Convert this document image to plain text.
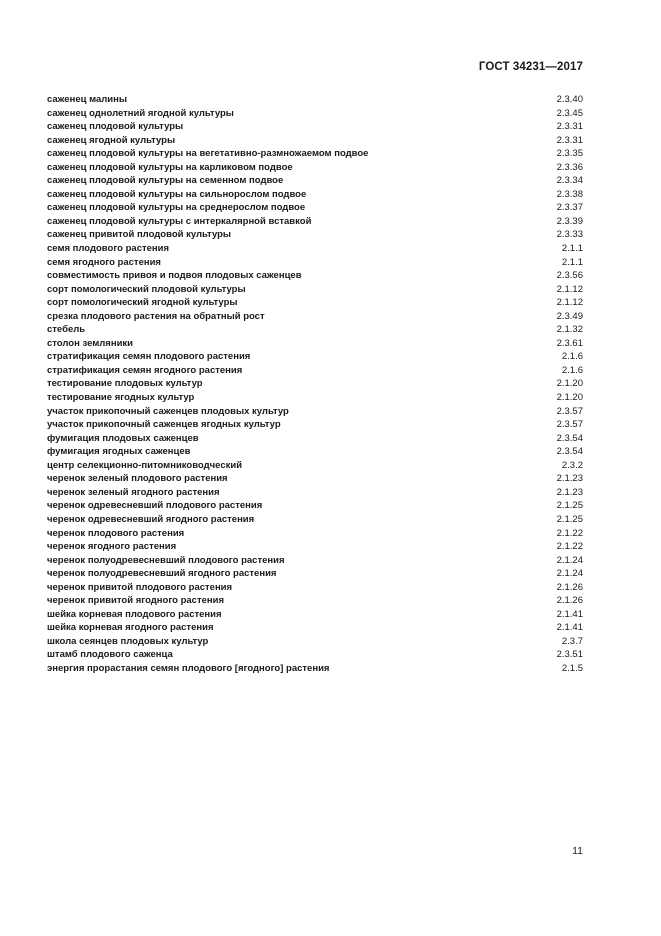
ГОСТ 34231—2017
саженец малины	2.3.40
саженец однолетний ягодной культуры	2.3.45
саженец плодовой культуры	2.3.31
саженец ягодной культуры	2.3.31
саженец плодовой культуры на вегетативно-размножаемом подвое	2.3.35
саженец плодовой культуры на карликовом подвое	2.3.36
саженец плодовой культуры на семенном подвое	2.3.34
саженец плодовой культуры на сильнорослом подвое	2.3.38
саженец плодовой культуры на среднерослом подвое	2.3.37
саженец плодовой культуры с интеркалярной вставкой	2.3.39
саженец привитой плодовой культуры	2.3.33
семя плодового растения	2.1.1
семя ягодного растения	2.1.1
совместимость привоя и подвоя плодовых саженцев	2.3.56
сорт помологический плодовой культуры	2.1.12
сорт помологический ягодной культуры	2.1.12
срезка плодового растения на обратный рост	2.3.49
стебель	2.1.32
столон земляники	2.3.61
стратификация семян плодового растения	2.1.6
стратификация семян ягодного растения	2.1.6
тестирование плодовых культур	2.1.20
тестирование ягодных культур	2.1.20
участок прикопочный саженцев плодовых культур	2.3.57
участок прикопочный саженцев ягодных культур	2.3.57
фумигация плодовых саженцев	2.3.54
фумигация ягодных саженцев	2.3.54
центр селекционно-питомниководческий	2.3.2
черенок зеленый плодового растения	2.1.23
черенок зеленый ягодного растения	2.1.23
черенок одревесневший плодового растения	2.1.25
черенок одревесневший ягодного растения	2.1.25
черенок плодового растения	2.1.22
черенок ягодного растения	2.1.22
черенок полуодревесневший плодового растения	2.1.24
черенок полуодревесневший ягодного растения	2.1.24
черенок привитой плодового растения	2.1.26
черенок привитой ягодного растения	2.1.26
шейка корневая плодового растения	2.1.41
шейка корневая ягодного растения	2.1.41
школа сеянцев плодовых культур	2.3.7
штамб плодового саженца	2.3.51
энергия прорастания семян плодового [ягодного] растения	2.1.5
11
